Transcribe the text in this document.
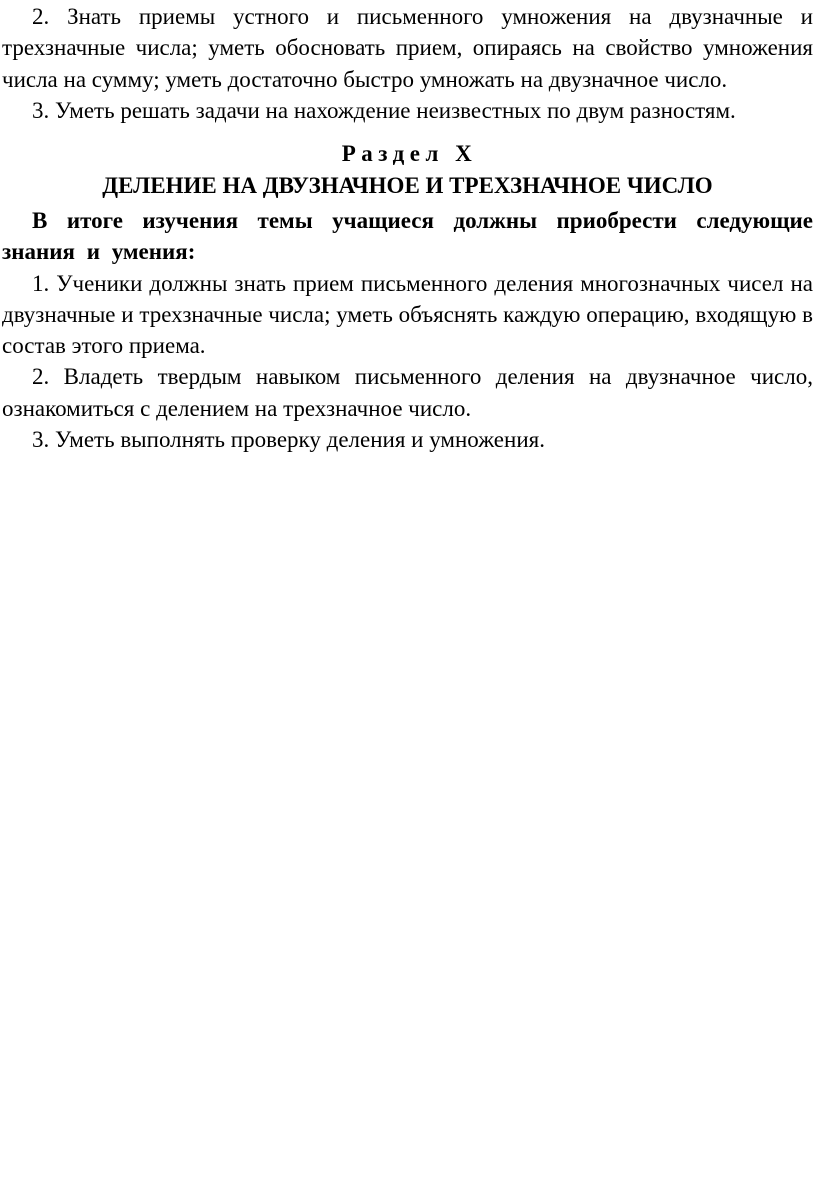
2. Знать приемы устного и письменного умножения на двузначные и трехзначные числа; уметь обосновать прием, опираясь на свойство умножения числа на сумму; уметь достаточно быстро умножать на двузначное число.

3. Уметь решать задачи на нахождение неизвестных по двум разностям.

Раздел X
ДЕЛЕНИЕ НА ДВУЗНАЧНОЕ И ТРЕХЗНАЧНОЕ ЧИСЛО

В итоге изучения темы учащиеся должны приобрести следующие знания и умения:

1. Ученики должны знать прием письменного деления многозначных чисел на двузначные и трехзначные числа; уметь объяснять каждую операцию, входящую в состав этого приема.

2. Владеть твердым навыком письменного деления на двузначное число, ознакомиться с делением на трехзначное число.

3. Уметь выполнять проверку деления и умножения.
